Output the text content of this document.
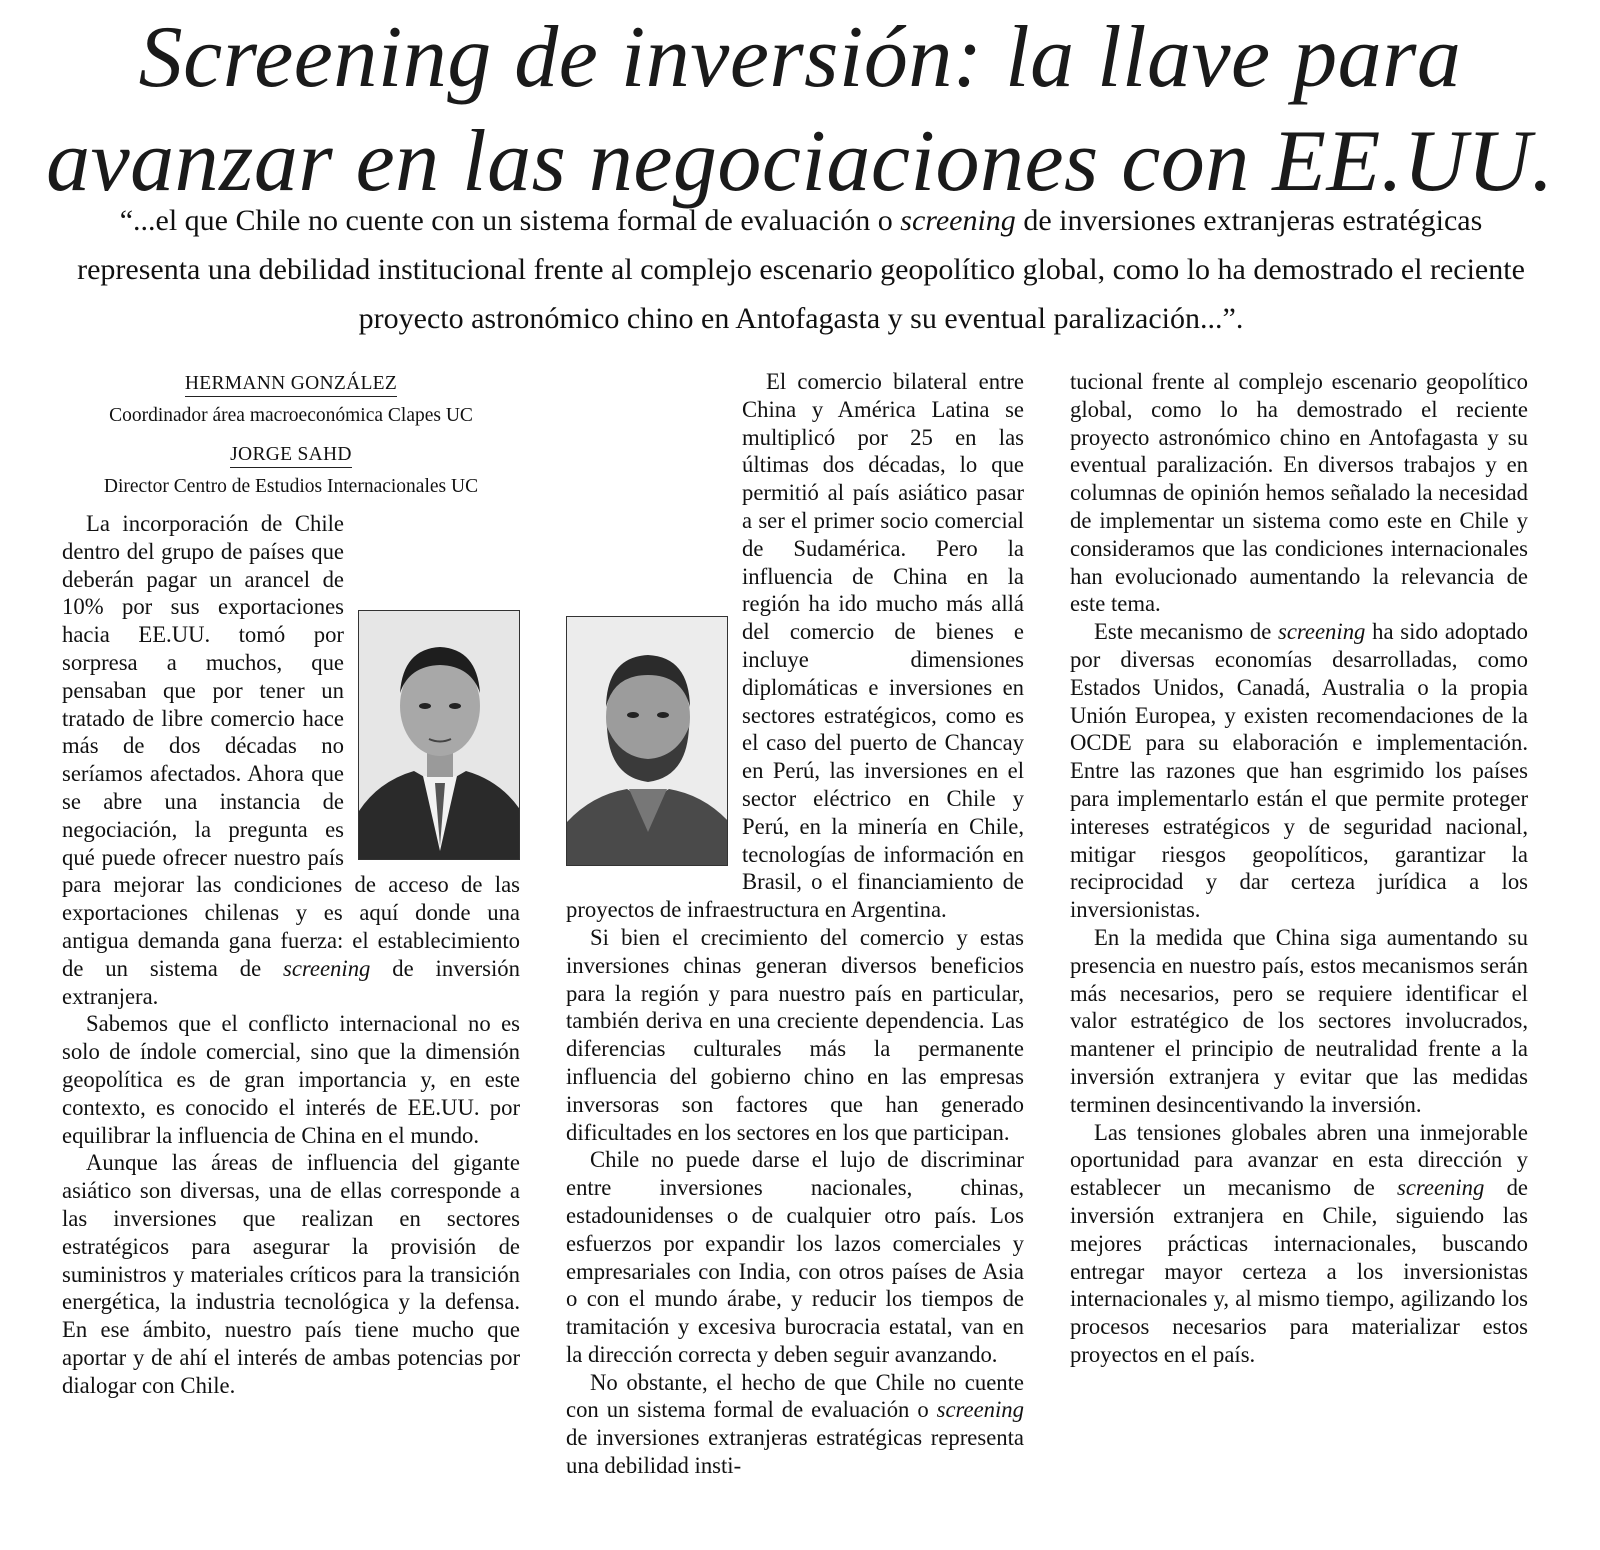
Screening de inversión: la llave para
avanzar en las negociaciones con EE.UU.
“...el que Chile no cuente con un sistema formal de evaluación o screening de inversiones extranjeras estratégicas representa una debilidad institucional frente al complejo escenario geopolítico global, como lo ha demostrado el reciente proyecto astronómico chino en Antofagasta y su eventual paralización...”.
HERMANN GONZÁLEZ
Coordinador área macroeconómica Clapes UC
JORGE SAHD
Director Centro de Estudios Internacionales UC

La incorporación de Chile dentro del grupo de países que deberán pagar un arancel de 10% por sus exportaciones hacia EE.UU. tomó por sorpresa a muchos, que pensaban que por tener un tratado de libre comercio hace más de dos décadas no seríamos afectados. Ahora que se abre una instancia de negociación, la pregunta es qué puede ofrecer nuestro país para mejorar las condiciones de acceso de las exportaciones chilenas y es aquí donde una antigua demanda gana fuerza: el establecimiento de un sistema de screening de inversión extranjera.

Sabemos que el conflicto internacional no es solo de índole comercial, sino que la dimensión geopolítica es de gran importancia y, en este contexto, es conocido el interés de EE.UU. por equilibrar la influencia de China en el mundo.

Aunque las áreas de influencia del gigante asiático son diversas, una de ellas corresponde a las inversiones que realizan en sectores estratégicos para asegurar la provisión de suministros y materiales críticos para la transición energética, la industria tecnológica y la defensa. En ese ámbito, nuestro país tiene mucho que aportar y de ahí el interés de ambas potencias por dialogar con Chile.

El comercio bilateral entre China y América Latina se multiplicó por 25 en las últimas dos décadas, lo que permitió al país asiático pasar a ser el primer socio comercial de Sudamérica. Pero la influencia de China en la región ha ido mucho más allá del comercio de bienes e incluye dimensiones diplomáticas e inversiones en sectores estratégicos, como es el caso del puerto de Chancay en Perú, las inversiones en el sector eléctrico en Chile y Perú, en la minería en Chile, tecnologías de información en Brasil, o el financiamiento de proyectos de infraestructura en Argentina.

Si bien el crecimiento del comercio y estas inversiones chinas generan diversos beneficios para la región y para nuestro país en particular, también deriva en una creciente dependencia. Las diferencias culturales más la permanente influencia del gobierno chino en las empresas inversoras son factores que han generado dificultades en los sectores en los que participan.

Chile no puede darse el lujo de discriminar entre inversiones nacionales, chinas, estadounidenses o de cualquier otro país. Los esfuerzos por expandir los lazos comerciales y empresariales con India, con otros países de Asia o con el mundo árabe, y reducir los tiempos de tramitación y excesiva burocracia estatal, van en la dirección correcta y deben seguir avanzando.

No obstante, el hecho de que Chile no cuente con un sistema formal de evaluación o screening de inversiones extranjeras estratégicas representa una debilidad insti-

tucional frente al complejo escenario geopolítico global, como lo ha demostrado el reciente proyecto astronómico chino en Antofagasta y su eventual paralización. En diversos trabajos y en columnas de opinión hemos señalado la necesidad de implementar un sistema como este en Chile y consideramos que las condiciones internacionales han evolucionado aumentando la relevancia de este tema.

Este mecanismo de screening ha sido adoptado por diversas economías desarrolladas, como Estados Unidos, Canadá, Australia o la propia Unión Europea, y existen recomendaciones de la OCDE para su elaboración e implementación. Entre las razones que han esgrimido los países para implementarlo están el que permite proteger intereses estratégicos y de seguridad nacional, mitigar riesgos geopolíticos, garantizar la reciprocidad y dar certeza jurídica a los inversionistas.

En la medida que China siga aumentando su presencia en nuestro país, estos mecanismos serán más necesarios, pero se requiere identificar el valor estratégico de los sectores involucrados, mantener el principio de neutralidad frente a la inversión extranjera y evitar que las medidas terminen desincentivando la inversión.

Las tensiones globales abren una inmejorable oportunidad para avanzar en esta dirección y establecer un mecanismo de screening de inversión extranjera en Chile, siguiendo las mejores prácticas internacionales, buscando entregar mayor certeza a los inversionistas internacionales y, al mismo tiempo, agilizando los procesos necesarios para materializar estos proyectos en el país.
